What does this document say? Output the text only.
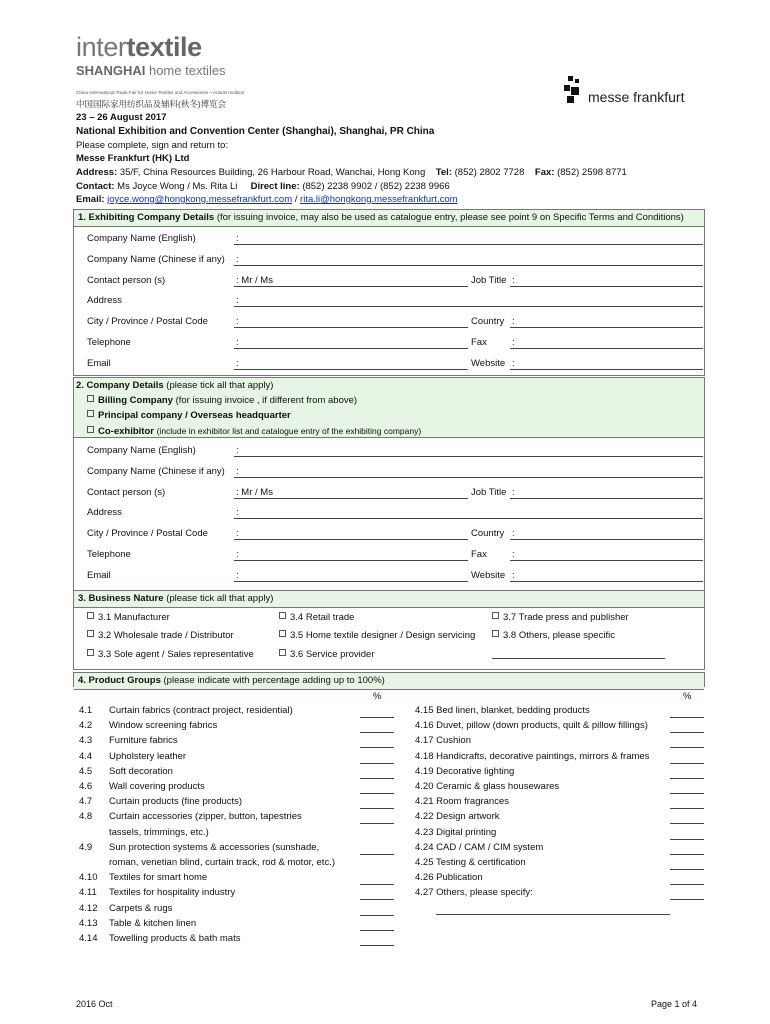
intertextile
SHANGHAI home textiles
China International Trade Fair for Home Textiles and Accessories – Autumn Edition
中国国际家用纺织品及辅料(秋冬)博览会	messe frankfurt
23 – 26 August 2017
National Exhibition and Convention Center (Shanghai), Shanghai, PR China
Please complete, sign and return to:
Messe Frankfurt (HK) Ltd
Address: 35/F, China Resources Building, 26 Harbour Road, Wanchai, Hong Kong Tel: (852) 2802 7728 Fax: (852) 2598 8771
Contact: Ms Joyce Wong / Ms. Rita Li Direct line: (852) 2238 9902 / (852) 2238 9966
Email: joyce.wong@hongkong.messefrankfurt.com / rita.li@hongkong.messefrankfurt.com
1. Exhibiting Company Details (for issuing invoice, may also be used as catalogue entry, please see point 9 on Specific Terms and Conditions)
Company Name (English)	:
Company Name (Chinese if any) :
Contact person (s)	: Mr / Ms	Job Title :
Address	:
City / Province / Postal Code	:	Country :
Telephone	:	Fax	:
Email	:	Website :
2. Company Details (please tick all that apply)
Billing Company (for issuing invoice , if different from above)
Principal company / Overseas headquarter
Co-exhibitor (include in exhibitor list and catalogue entry of the exhibiting company)
Company Name (English)	:
Company Name (Chinese if any) :
Contact person (s)	: Mr / Ms	Job Title :
Address	:
City / Province / Postal Code	:	Country :
Telephone	:	Fax	:
Email	:	Website :
3. Business Nature (please tick all that apply)
3.1 Manufacturer
3.2 Wholesale trade / Distributor
3.3 Sole agent / Sales representative
3.4 Retail trade
3.5 Home textile designer / Design servicing
3.6 Service provider
3.7 Trade press and publisher
3.8 Others, please specific
4. Product Groups (please indicate with percentage adding up to 100%)
%	%
4.1 Curtain fabrics (contract project, residential)
4.2 Window screening fabrics
4.3 Furniture fabrics
4.4 Upholstery leather
4.5 Soft decoration
4.6 Wall covering products
4.7 Curtain products (fine products)
4.8 Curtain accessories (zipper, button, tapestries
tassels, trimmings, etc.)
4.9 Sun protection systems & accessories (sunshade,
roman, venetian blind, curtain track, rod & motor, etc.)
4.10 Textiles for smart home
4.11 Textiles for hospitality industry
4.12 Carpets & rugs
4.13 Table & kitchen linen
4.14 Towelling products & bath mats
4.15 Bed linen, blanket, bedding products
4.16 Duvet, pillow (down products, quilt & pillow fillings)
4.17 Cushion
4.18 Handicrafts, decorative paintings, mirrors & frames
4.19 Decorative lighting
4.20 Ceramic & glass housewares
4.21 Room fragrances
4.22 Design artwork
4.23 Digital printing
4.24 CAD / CAM / CIM system
4.25 Testing & certification
4.26 Publication
4.27 Others, please specify:
2016 Oct	Page 1 of 4
